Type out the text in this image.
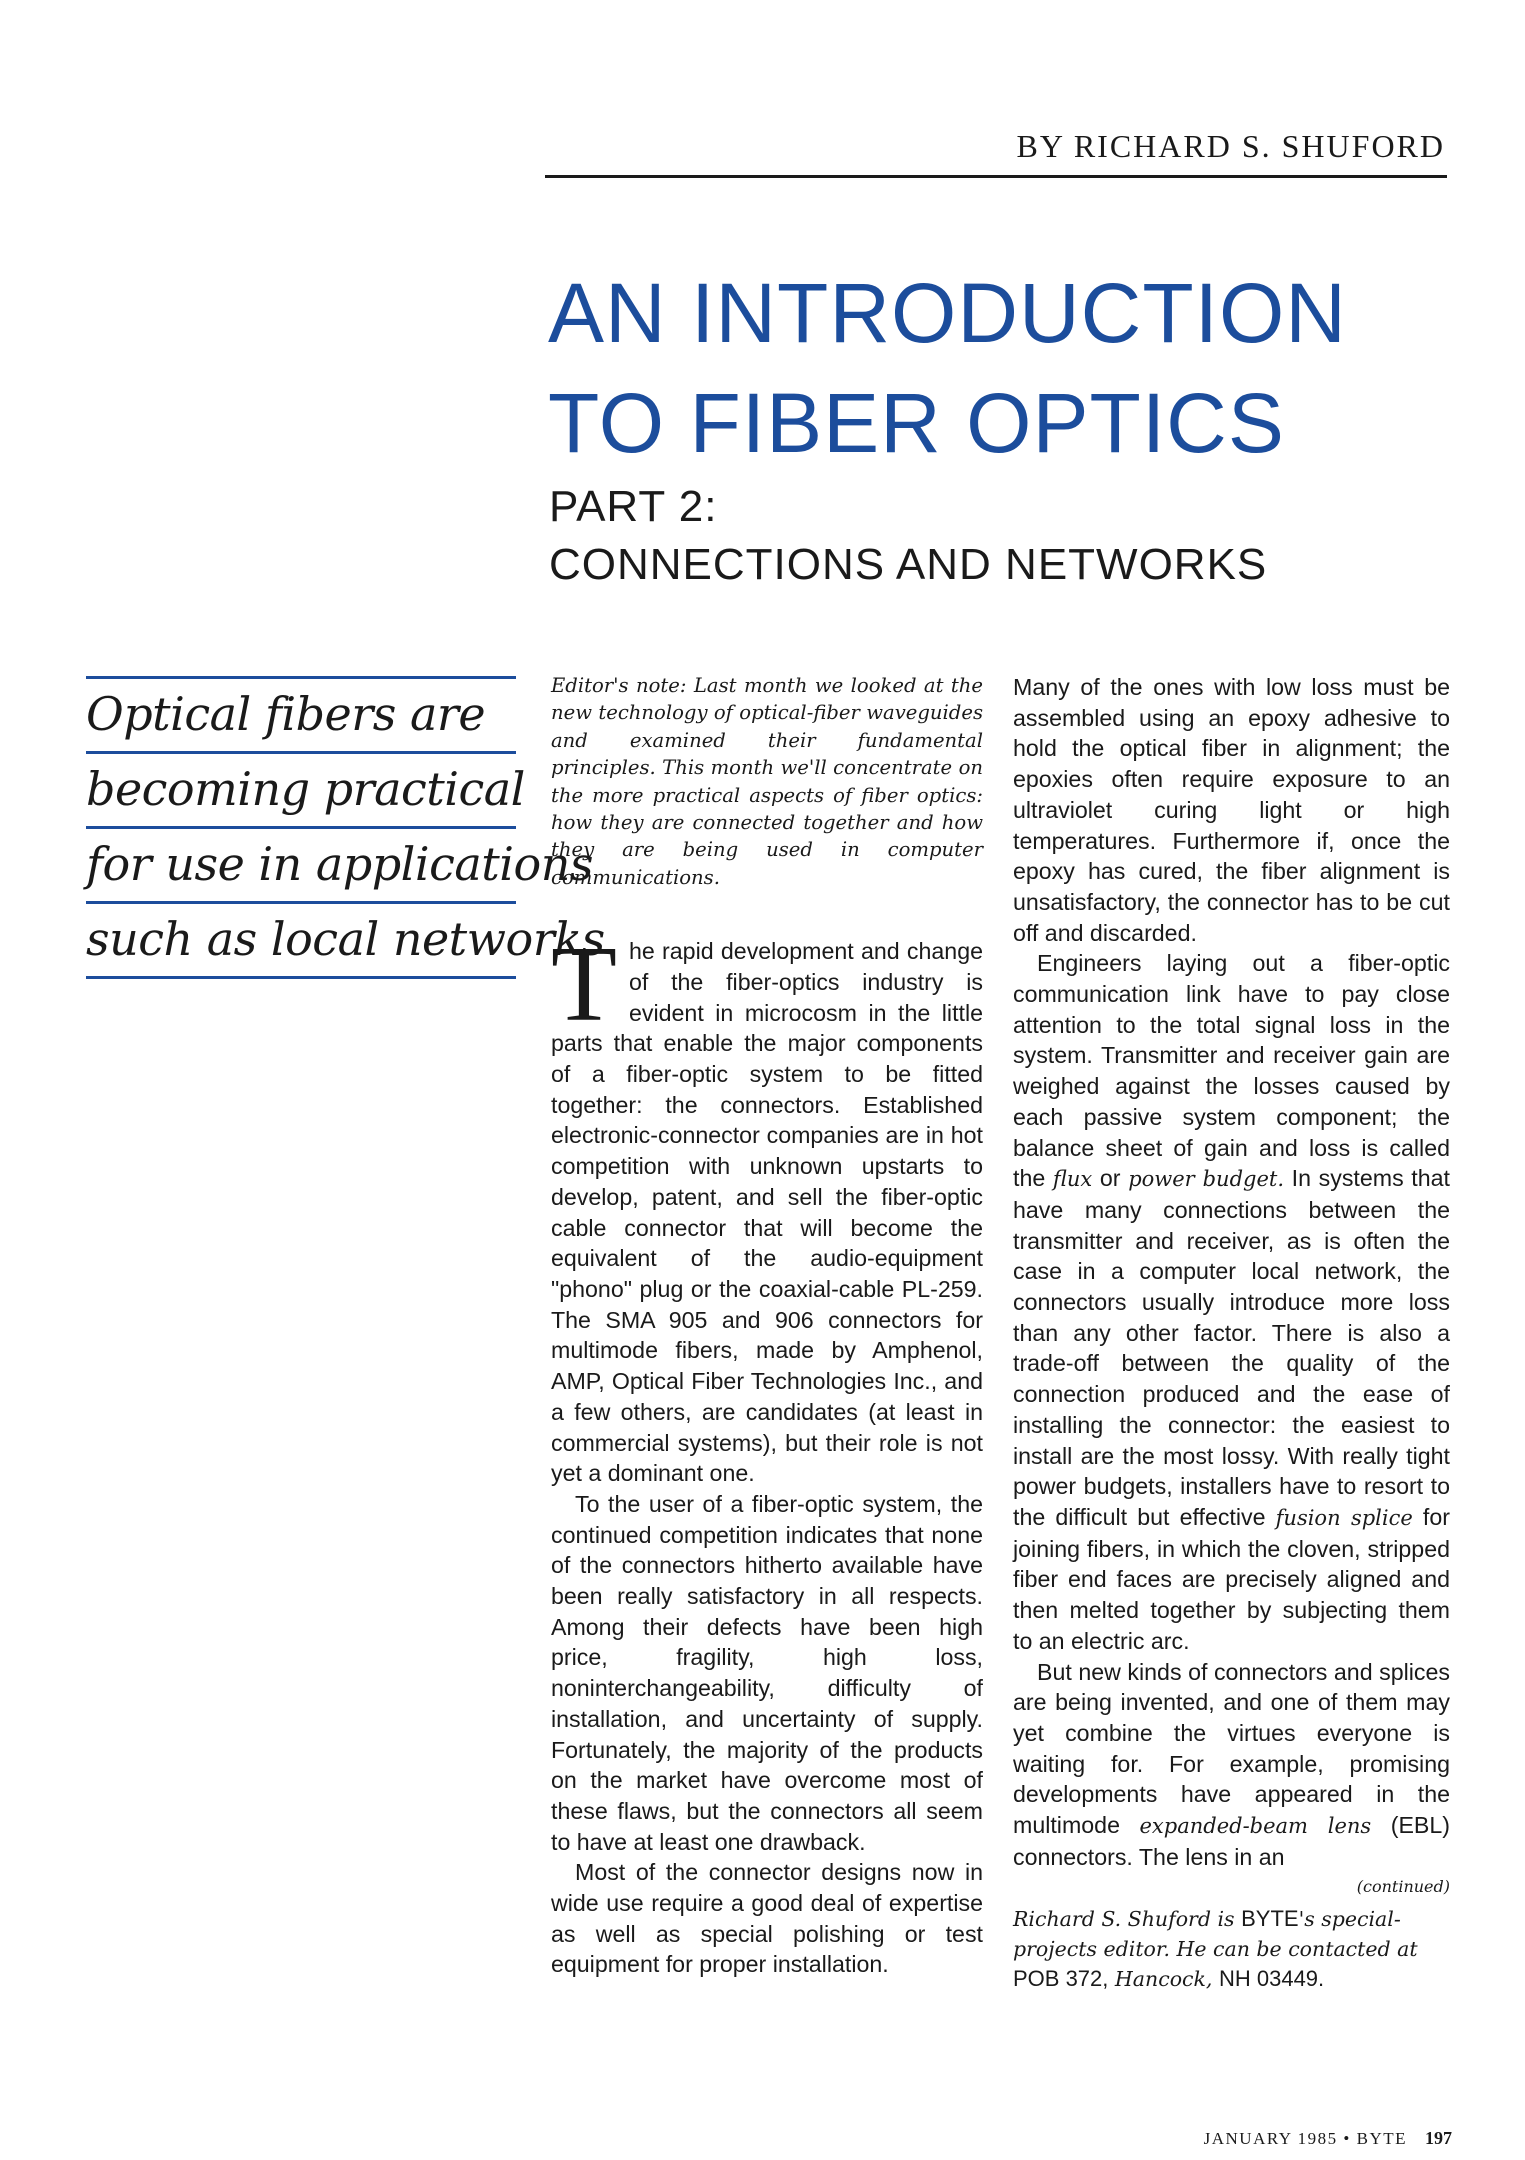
BY RICHARD S. SHUFORD
AN INTRODUCTION
TO FIBER OPTICS
PART 2:
CONNECTIONS AND NETWORKS
Optical fibers are
becoming practical
for use in applications
such as local networks

Editor's note: Last month we looked at the new technology of optical-fiber waveguides and examined their fundamental principles. This month we'll concentrate on the more practical aspects of fiber optics: how they are connected together and how they are being used in computer communications.

The rapid development and change of the fiber-optics industry is evident in microcosm in the little parts that enable the major components of a fiber-optic system to be fitted together: the connectors. Established electronic-connector companies are in hot competition with unknown upstarts to develop, patent, and sell the fiber-optic cable connector that will become the equivalent of the audio-equipment "phono" plug or the coaxial-cable PL-259. The SMA 905 and 906 connectors for multimode fibers, made by Amphenol, AMP, Optical Fiber Technologies Inc., and a few others, are candidates (at least in commercial systems), but their role is not yet a dominant one.

To the user of a fiber-optic system, the continued competition indicates that none of the connectors hitherto available have been really satisfactory in all respects. Among their defects have been high price, fragility, high loss, noninterchangeability, difficulty of installation, and uncertainty of supply. Fortunately, the majority of the products on the market have overcome most of these flaws, but the connectors all seem to have at least one drawback.

Most of the connector designs now in wide use require a good deal of expertise as well as special polishing or test equipment for proper installation.

Many of the ones with low loss must be assembled using an epoxy adhesive to hold the optical fiber in alignment; the epoxies often require exposure to an ultraviolet curing light or high temperatures. Furthermore if, once the epoxy has cured, the fiber alignment is unsatisfactory, the connector has to be cut off and discarded.

Engineers laying out a fiber-optic communication link have to pay close attention to the total signal loss in the system. Transmitter and receiver gain are weighed against the losses caused by each passive system component; the balance sheet of gain and loss is called the flux or power budget. In systems that have many connections between the transmitter and receiver, as is often the case in a computer local network, the connectors usually introduce more loss than any other factor. There is also a trade-off between the quality of the connection produced and the ease of installing the connector: the easiest to install are the most lossy. With really tight power budgets, installers have to resort to the difficult but effective fusion splice for joining fibers, in which the cloven, stripped fiber end faces are precisely aligned and then melted together by subjecting them to an electric arc.

But new kinds of connectors and splices are being invented, and one of them may yet combine the virtues everyone is waiting for. For example, promising developments have appeared in the multimode expanded-beam lens (EBL) connectors. The lens in an

(continued)

Richard S. Shuford is BYTE's special-projects editor. He can be contacted at POB 372, Hancock, NH 03449.

JANUARY 1985 • BYTE 197
